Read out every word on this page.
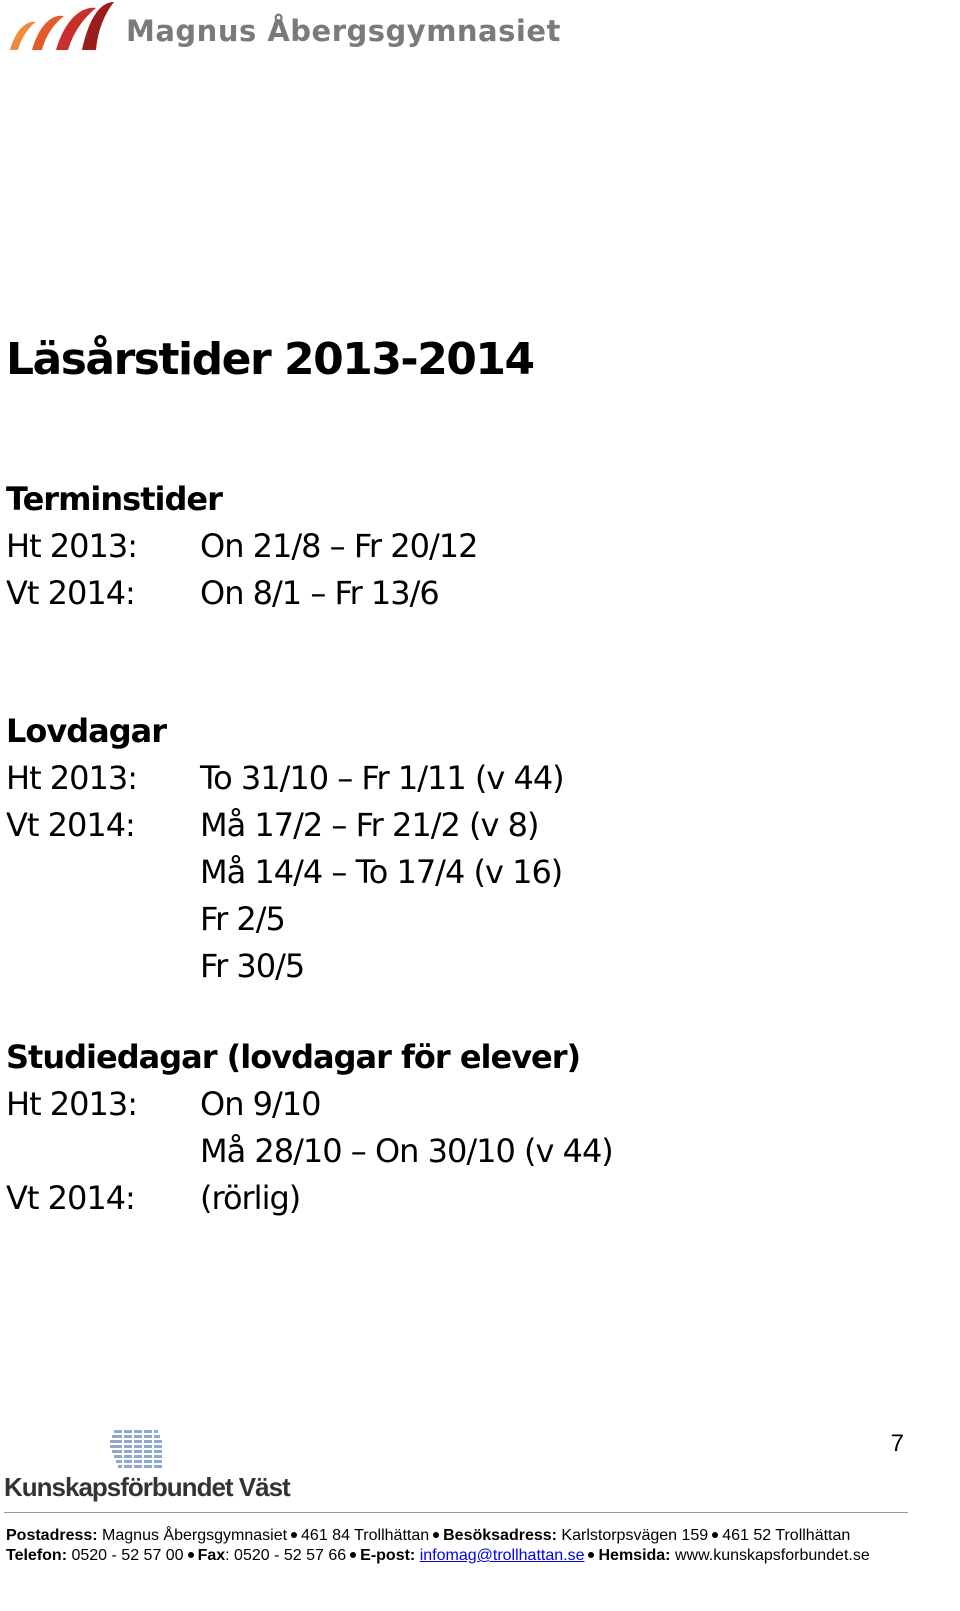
Magnus Åbergsgymnasiet
Läsårstider 2013-2014
Terminstider
Ht 2013: On 21/8 – Fr 20/12
Vt 2014: On 8/1 – Fr 13/6
Lovdagar
Ht 2013: To 31/10 – Fr 1/11 (v 44)
Vt 2014: Må 17/2 – Fr 21/2 (v 8)
Må 14/4 – To 17/4 (v 16)
Fr 2/5
Fr 30/5
Studiedagar (lovdagar för elever)
Ht 2013: On 9/10
Må 28/10 – On 30/10 (v 44)
Vt 2014: (rörlig)
7
Kunskapsförbundet Väst
Postadress: Magnus Åbergsgymnasiet 461 84 Trollhättan Besöksadress: Karlstorpsvägen 159 461 52 Trollhättan
Telefon: 0520 - 52 57 00 Fax: 0520 - 52 57 66 E-post: infomag@trollhattan.se Hemsida: www.kunskapsforbundet.se
